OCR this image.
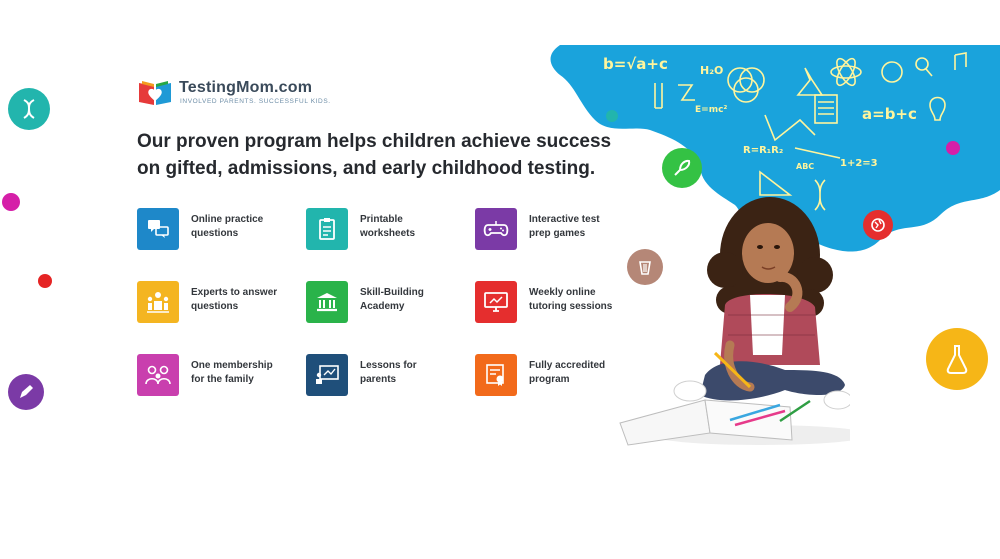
b=√a+c	H₂O
E=mc²	a=b+c
R=R₁R₂
ABC	1+2=3
TestingMom.com
INVOLVED PARENTS. SUCCESSFUL KIDS.
Our proven program helps children achieve success
on gifted, admissions, and early childhood testing.
Online practice
questions
Printable
worksheets
Interactive test
prep games
Experts to answer
questions
Skill-Building
Academy
Weekly online
tutoring sessions
One membership
for the family
Lessons for
parents
Fully accredited
program
